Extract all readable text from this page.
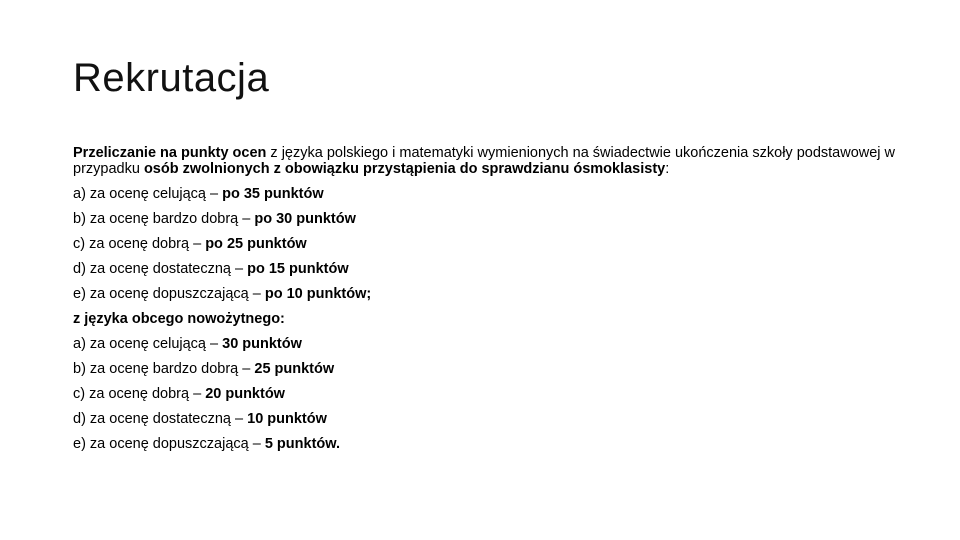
Rekrutacja

Przeliczanie na punkty ocen z języka polskiego i matematyki wymienionych na świadectwie ukończenia szkoły podstawowej w przypadku osób zwolnionych z obowiązku przystąpienia do sprawdzianu ósmoklasisty:

a) za ocenę celującą – po 35 punktów
b) za ocenę bardzo dobrą – po 30 punktów
c) za ocenę dobrą – po 25 punktów
d) za ocenę dostateczną – po 15 punktów
e) za ocenę dopuszczającą – po 10 punktów;
z języka obcego nowożytnego:
a) za ocenę celującą – 30 punktów
b) za ocenę bardzo dobrą – 25 punktów
c) za ocenę dobrą – 20 punktów
d) za ocenę dostateczną – 10 punktów
e) za ocenę dopuszczającą – 5 punktów.
